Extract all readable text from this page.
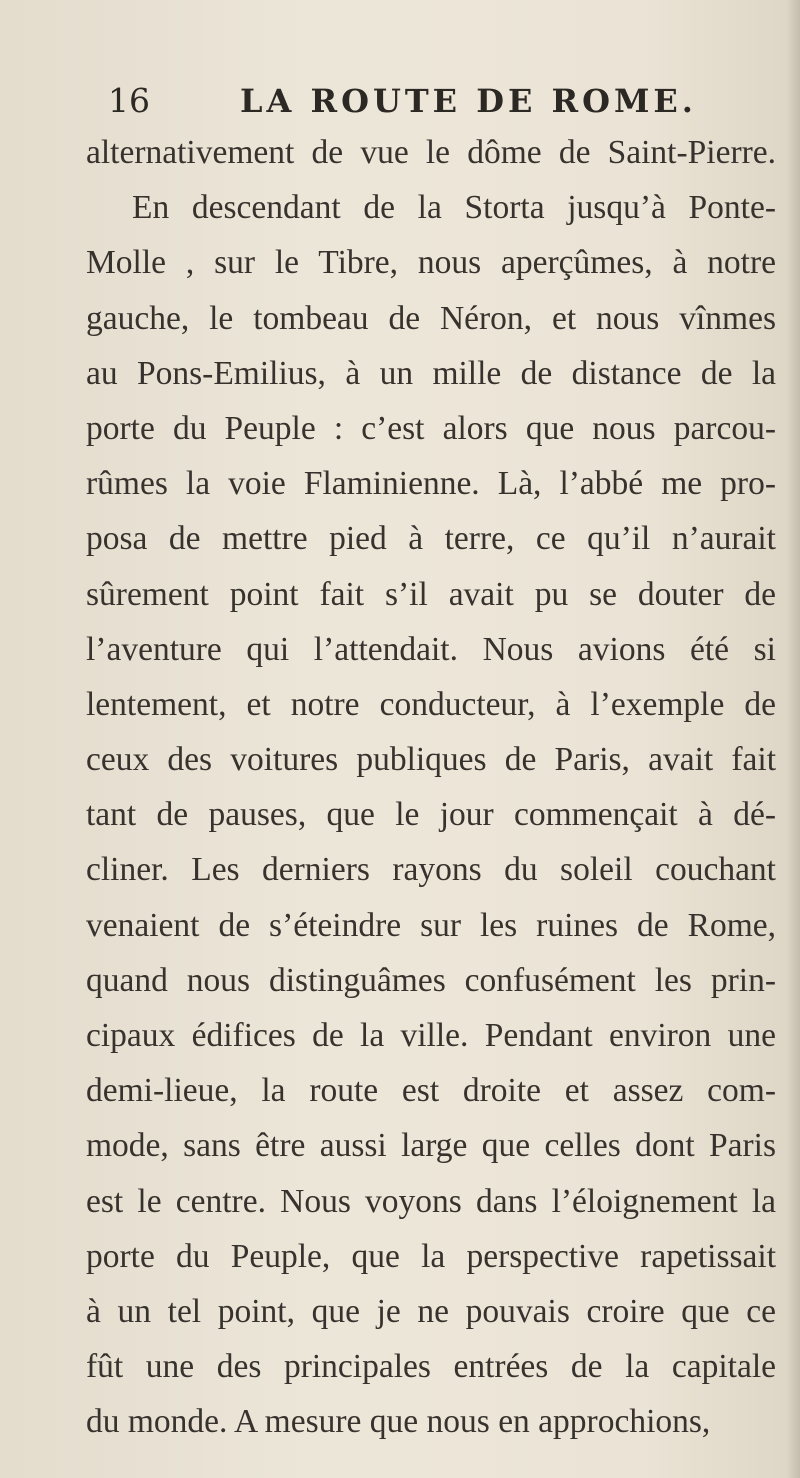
16	LA ROUTE DE ROME.
alternativement de vue le dôme de Saint-Pierre.
En descendant de la Storta jusqu’à Ponte-
Molle , sur le Tibre, nous aperçûmes, à notre
gauche, le tombeau de Néron, et nous vînmes
au Pons-Emilius, à un mille de distance de la
porte du Peuple : c’est alors que nous parcou-
rûmes la voie Flaminienne. Là, l’abbé me pro-
posa de mettre pied à terre, ce qu’il n’aurait
sûrement point fait s’il avait pu se douter de
l’aventure qui l’attendait. Nous avions été si
lentement, et notre conducteur, à l’exemple de
ceux des voitures publiques de Paris, avait fait
tant de pauses, que le jour commençait à dé-
cliner. Les derniers rayons du soleil couchant
venaient de s’éteindre sur les ruines de Rome,
quand nous distinguâmes confusément les prin-
cipaux édifices de la ville. Pendant environ une
demi-lieue, la route est droite et assez com-
mode, sans être aussi large que celles dont Paris
est le centre. Nous voyons dans l’éloignement la
porte du Peuple, que la perspective rapetissait
à un tel point, que je ne pouvais croire que ce
fût une des principales entrées de la capitale
du monde. A mesure que nous en approchions,
